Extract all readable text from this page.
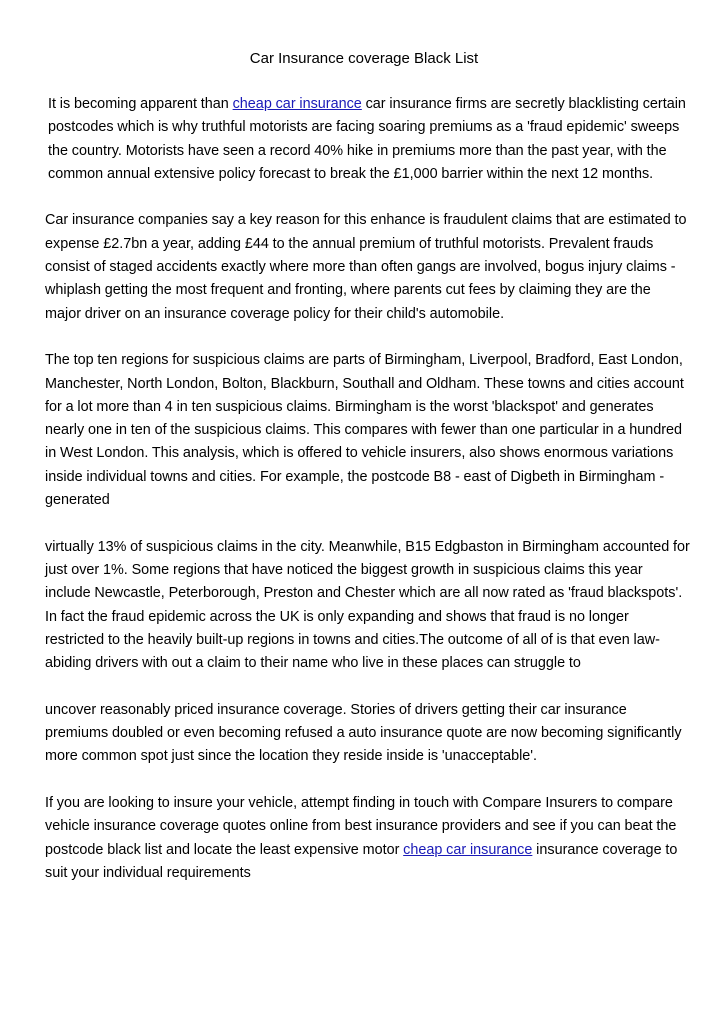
Car Insurance coverage Black List

It is becoming apparent than cheap car insurance car insurance firms are secretly blacklisting certain postcodes which is why truthful motorists are facing soaring premiums as a 'fraud epidemic' sweeps the country. Motorists have seen a record 40% hike in premiums more than the past year, with the common annual extensive policy forecast to break the £1,000 barrier within the next 12 months.

Car insurance companies say a key reason for this enhance is fraudulent claims that are estimated to expense £2.7bn a year, adding £44 to the annual premium of truthful motorists. Prevalent frauds consist of staged accidents exactly where more than often gangs are involved, bogus injury claims - whiplash getting the most frequent and fronting, where parents cut fees by claiming they are the major driver on an insurance coverage policy for their child's automobile.

The top ten regions for suspicious claims are parts of Birmingham, Liverpool, Bradford, East London, Manchester, North London, Bolton, Blackburn, Southall and Oldham. These towns and cities account for a lot more than 4 in ten suspicious claims. Birmingham is the worst 'blackspot' and generates nearly one in ten of the suspicious claims. This compares with fewer than one particular in a hundred in West London. This analysis, which is offered to vehicle insurers, also shows enormous variations inside individual towns and cities. For example, the postcode B8 - east of Digbeth in Birmingham - generated

virtually 13% of suspicious claims in the city. Meanwhile, B15 Edgbaston in Birmingham accounted for just over 1%. Some regions that have noticed the biggest growth in suspicious claims this year include Newcastle, Peterborough, Preston and Chester which are all now rated as 'fraud blackspots'. In fact the fraud epidemic across the UK is only expanding and shows that fraud is no longer restricted to the heavily built-up regions in towns and cities.The outcome of all of is that even law-abiding drivers with out a claim to their name who live in these places can struggle to

uncover reasonably priced insurance coverage. Stories of drivers getting their car insurance premiums doubled or even becoming refused a auto insurance quote are now becoming significantly more common spot just since the location they reside inside is 'unacceptable'.

If you are looking to insure your vehicle, attempt finding in touch with Compare Insurers to compare vehicle insurance coverage quotes online from best insurance providers and see if you can beat the postcode black list and locate the least expensive motor cheap car insurance insurance coverage to suit your individual requirements
